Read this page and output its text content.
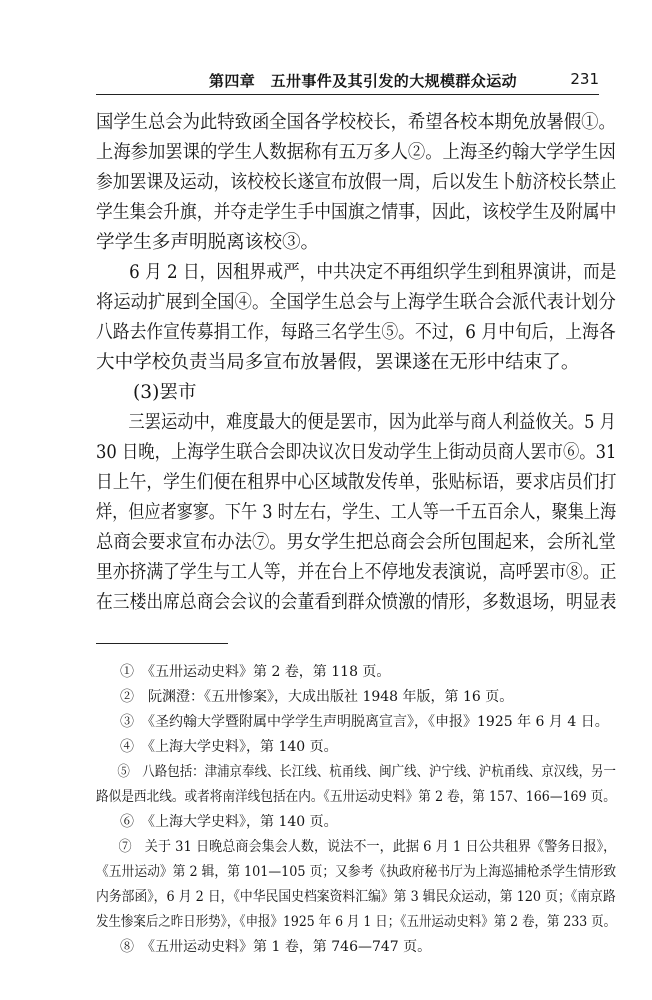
第四章　五卅事件及其引发的大规模群众运动	231
国学生总会为此特致函全国各学校校长，希望各校本期免放暑假①。
上海参加罢课的学生人数据称有五万多人②。上海圣约翰大学学生因
参加罢课及运动，该校校长遂宣布放假一周，后以发生卜舫济校长禁止
学生集会升旗，并夺走学生手中国旗之情事，因此，该校学生及附属中
学学生多声明脱离该校③。
6 月 2 日，因租界戒严，中共决定不再组织学生到租界演讲，而是
将运动扩展到全国④。全国学生总会与上海学生联合会派代表计划分
八路去作宣传募捐工作，每路三名学生⑤。不过，6 月中旬后，上海各
大中学校负责当局多宣布放暑假，罢课遂在无形中结束了。
(3)罢市
三罢运动中，难度最大的便是罢市，因为此举与商人利益攸关。5 月
30 日晚，上海学生联合会即决议次日发动学生上街动员商人罢市⑥。31
日上午，学生们便在租界中心区域散发传单，张贴标语，要求店员们打
烊，但应者寥寥。下午 3 时左右，学生、工人等一千五百余人，聚集上海
总商会要求宣布办法⑦。男女学生把总商会会所包围起来，会所礼堂
里亦挤满了学生与工人等，并在台上不停地发表演说，高呼罢市⑧。正
在三楼出席总商会会议的会董看到群众愤激的情形，多数退场，明显表
①　《五卅运动史料》第 2 卷，第 118 页。
②　阮渊澄：《五卅惨案》，大成出版社 1948 年版，第 16 页。
③　《圣约翰大学暨附属中学学生声明脱离宣言》，《申报》1925 年 6 月 4 日。
④　《上海大学史料》，第 140 页。
⑤　八路包括：津浦京奉线、长江线、杭甬线、闽广线、沪宁线、沪杭甬线、京汉线，另一
路似是西北线。或者将南洋线包括在内。《五卅运动史料》第 2 卷，第 157、166—169 页。
⑥　《上海大学史料》，第 140 页。
⑦　关于 31 日晚总商会集会人数，说法不一，此据 6 月 1 日公共租界《警务日报》，
《五卅运动》第 2 辑，第 101—105 页；又参考《执政府秘书厅为上海巡捕枪杀学生情形致
内务部函》，6 月 2 日，《中华民国史档案资料汇编》第 3 辑民众运动，第 120 页；《南京路
发生惨案后之昨日形势》，《申报》1925 年 6 月 1 日；《五卅运动史料》第 2 卷，第 233 页。
⑧　《五卅运动史料》第 1 卷，第 746—747 页。
